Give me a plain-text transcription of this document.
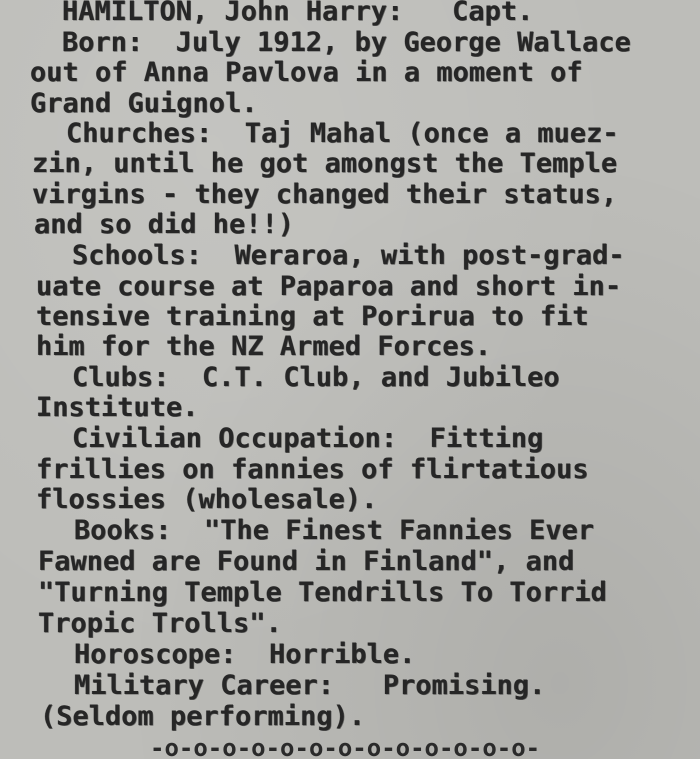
HAMILTON, John Harry:   Capt.
Born:  July 1912, by George Wallace
out of Anna Pavlova in a moment of
Grand Guignol.
Churches:  Taj Mahal (once a muez-
zin, until he got amongst the Temple
virgins - they changed their status,
and so did he!!)
Schools:  Weraroa, with post-grad-
uate course at Paparoa and short in-
tensive training at Porirua to fit
him for the NZ Armed Forces.
Clubs:  C.T. Club, and Jubileo
Institute.
Civilian Occupation:  Fitting
frillies on fannies of flirtatious
flossies (wholesale).
Books:  "The Finest Fannies Ever
Fawned are Found in Finland", and
"Turning Temple Tendrills To Torrid
Tropic Trolls".
Horoscope:  Horrible.
Military Career:   Promising.
(Seldom performing).
-o-o-o-o-o-o-o-o-o-o-o-o-o-
